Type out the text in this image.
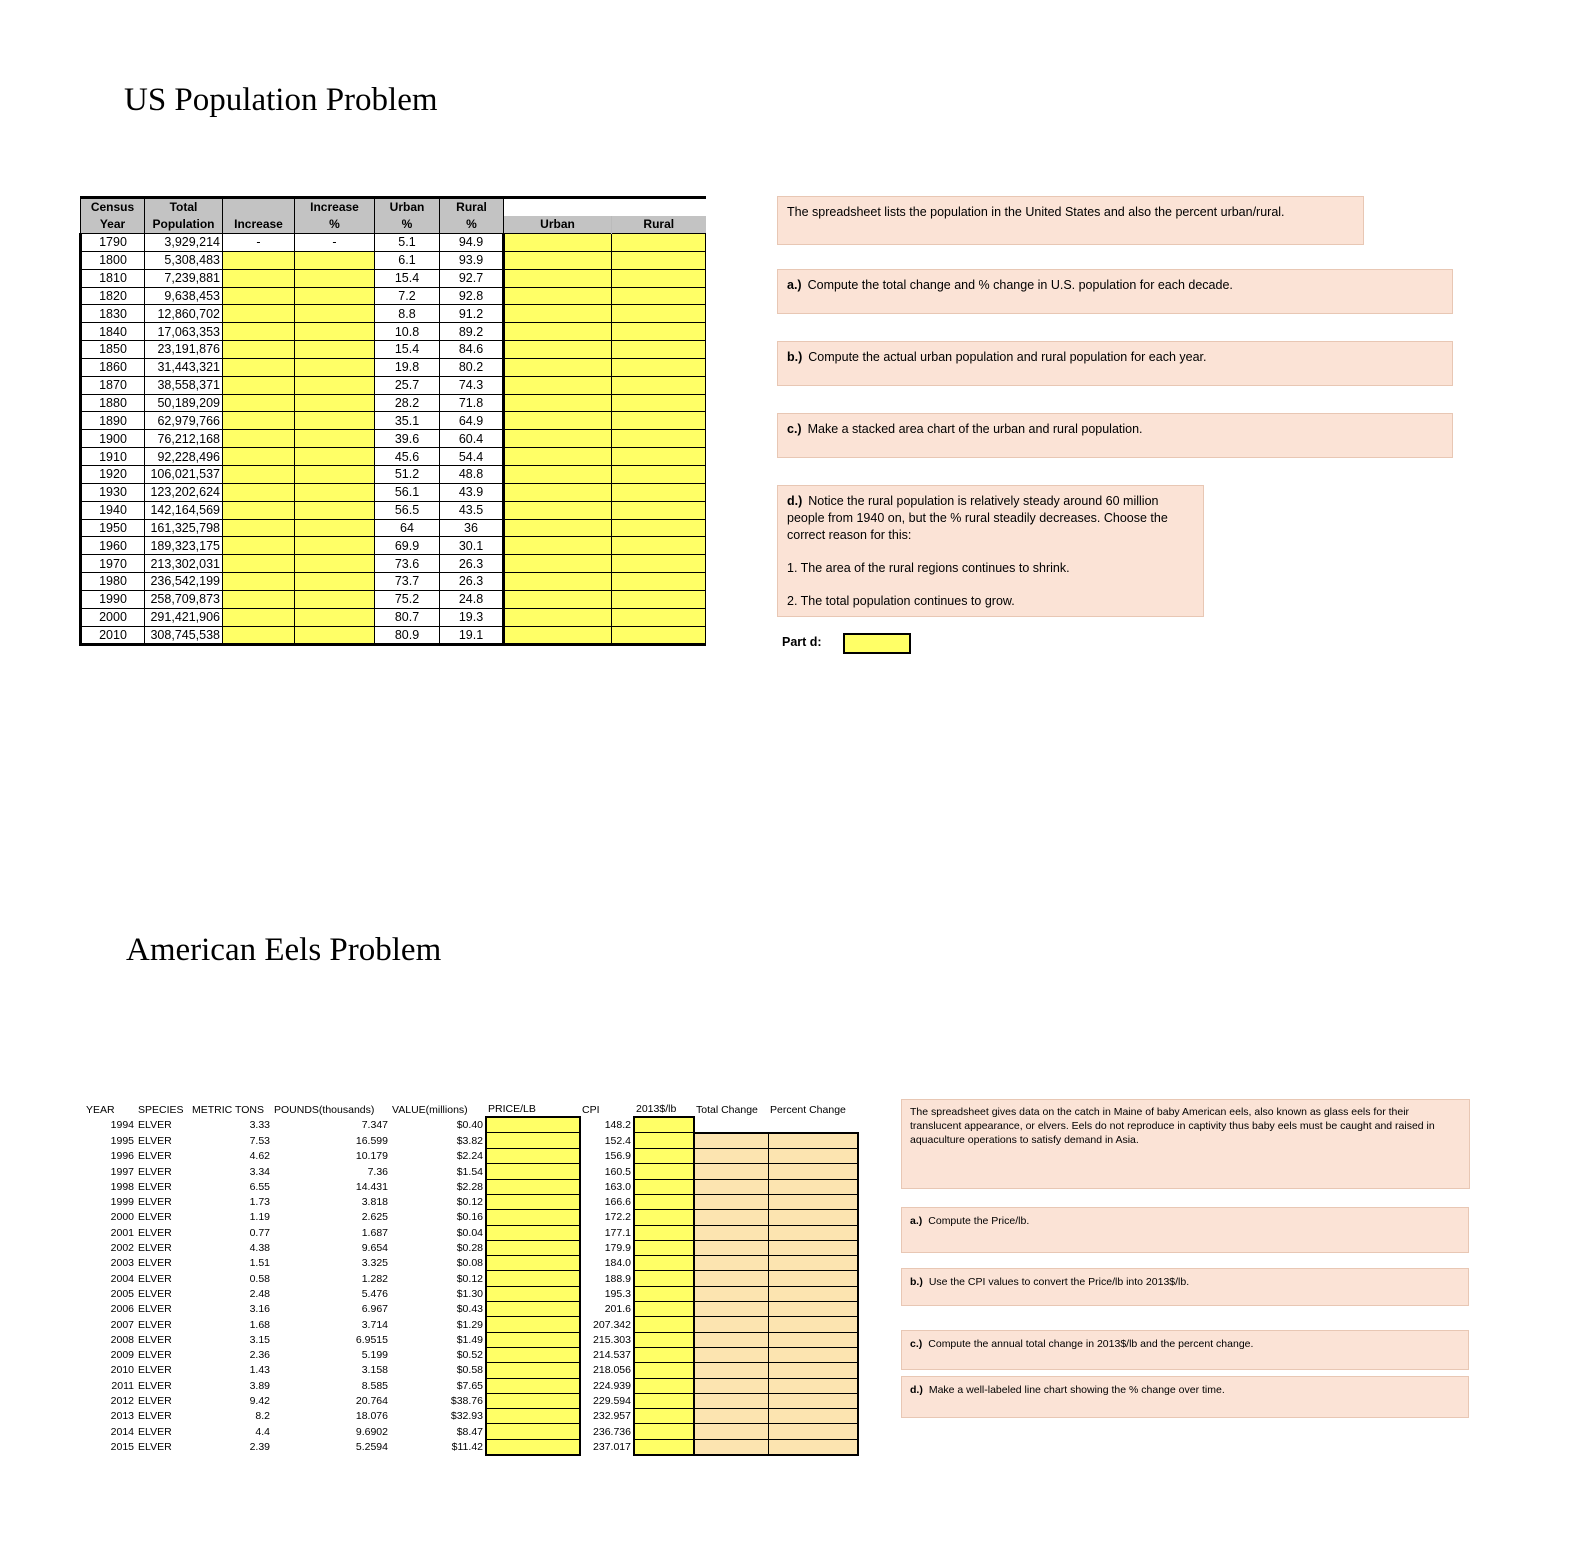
US Population Problem
Census	Total		Increase	Urban	Rural		
Year	Population	Increase	%	%	%	Urban	Rural
1790	3,929,214	-	-	5.1	94.9		
1800	5,308,483			6.1	93.9		
1810	7,239,881			15.4	92.7		
1820	9,638,453			7.2	92.8		
1830	12,860,702			8.8	91.2		
1840	17,063,353			10.8	89.2		
1850	23,191,876			15.4	84.6		
1860	31,443,321			19.8	80.2		
1870	38,558,371			25.7	74.3		
1880	50,189,209			28.2	71.8		
1890	62,979,766			35.1	64.9		
1900	76,212,168			39.6	60.4		
1910	92,228,496			45.6	54.4		
1920	106,021,537			51.2	48.8		
1930	123,202,624			56.1	43.9		
1940	142,164,569			56.5	43.5		
1950	161,325,798			64	36		
1960	189,323,175			69.9	30.1		
1970	213,302,031			73.6	26.3		
1980	236,542,199			73.7	26.3		
1990	258,709,873			75.2	24.8		
2000	291,421,906			80.7	19.3		
2010	308,745,538			80.9	19.1		
The spreadsheet lists the population in the United States and also the percent urban/rural.
a.) Compute the total change and % change in U.S. population for each decade.
b.) Compute the actual urban population and rural population for each year.
c.) Make a stacked area chart of the urban and rural population.

d.) Notice the rural population is relatively steady around 60 million people from 1940 on, but the % rural steadily decreases. Choose the correct reason for this:

1. The area of the rural regions continues to shrink.

2. The total population continues to grow.

Part d:
American Eels Problem
YEAR	SPECIES	METRIC TONS	POUNDS(thousands)	VALUE(millions)	PRICE/LB	CPI	2013$/lb	Total Change	Percent Change
1994	ELVER	3.33	7.347	$0.40		148.2			
1995	ELVER	7.53	16.599	$3.82		152.4			
1996	ELVER	4.62	10.179	$2.24		156.9			
1997	ELVER	3.34	7.36	$1.54		160.5			
1998	ELVER	6.55	14.431	$2.28		163.0			
1999	ELVER	1.73	3.818	$0.12		166.6			
2000	ELVER	1.19	2.625	$0.16		172.2			
2001	ELVER	0.77	1.687	$0.04		177.1			
2002	ELVER	4.38	9.654	$0.28		179.9			
2003	ELVER	1.51	3.325	$0.08		184.0			
2004	ELVER	0.58	1.282	$0.12		188.9			
2005	ELVER	2.48	5.476	$1.30		195.3			
2006	ELVER	3.16	6.967	$0.43		201.6			
2007	ELVER	1.68	3.714	$1.29		207.342			
2008	ELVER	3.15	6.9515	$1.49		215.303			
2009	ELVER	2.36	5.199	$0.52		214.537			
2010	ELVER	1.43	3.158	$0.58		218.056			
2011	ELVER	3.89	8.585	$7.65		224.939			
2012	ELVER	9.42	20.764	$38.76		229.594			
2013	ELVER	8.2	18.076	$32.93		232.957			
2014	ELVER	4.4	9.6902	$8.47		236.736			
2015	ELVER	2.39	5.2594	$11.42		237.017			
The spreadsheet gives data on the catch in Maine of baby American eels, also known as glass eels for their translucent appearance, or elvers. Eels do not reproduce in captivity thus baby eels must be caught and raised in aquaculture operations to satisfy demand in Asia.
a.) Compute the Price/lb.
b.) Use the CPI values to convert the Price/lb into 2013$/lb.
c.) Compute the annual total change in 2013$/lb and the percent change.
d.) Make a well-labeled line chart showing the % change over time.
